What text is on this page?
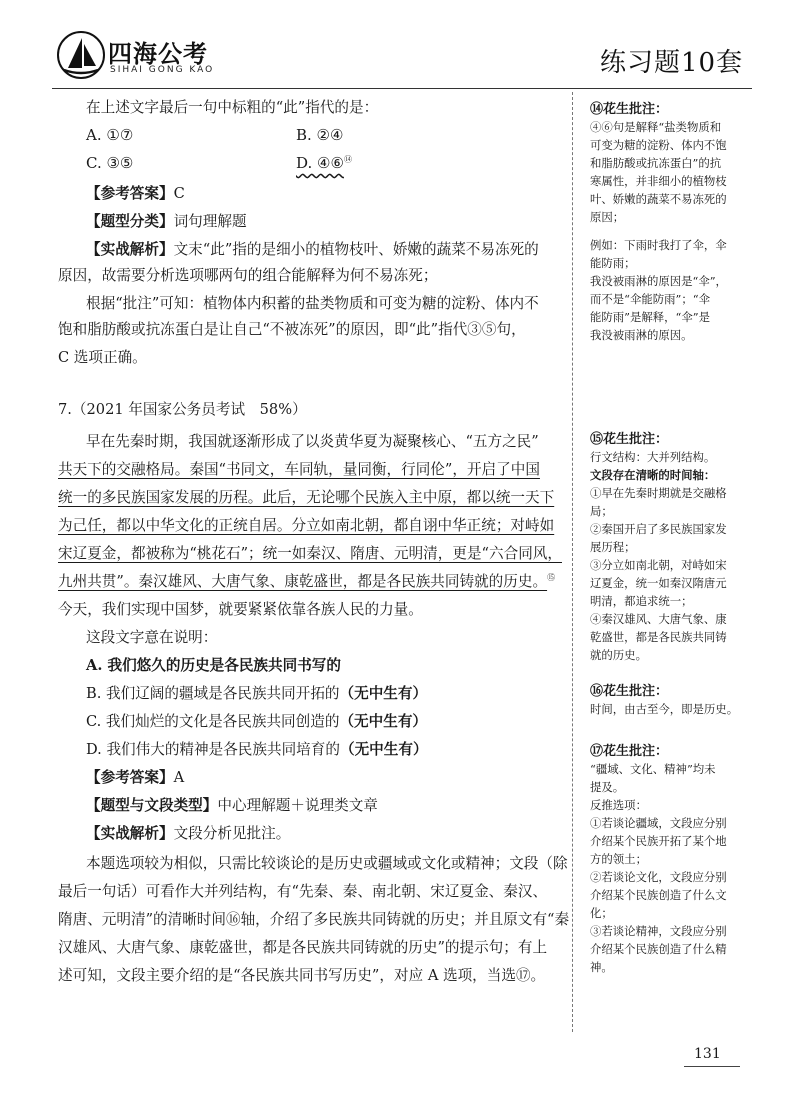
四海公考
SIHAI GONG KAO	练习题10套
在上述文字最后一句中标粗的“此”指代的是：
A. ①⑦	B. ②④
C. ③⑤	D. ④⑥⑭
【参考答案】C
【题型分类】词句理解题
【实战解析】文末“此”指的是细小的植物枝叶、娇嫩的蔬菜不易冻死的
原因，故需要分析选项哪两句的组合能解释为何不易冻死；
根据“批注”可知：植物体内积蓄的盐类物质和可变为糖的淀粉、体内不
饱和脂肪酸或抗冻蛋白是让自己“不被冻死”的原因，即“此”指代③⑤句，
C 选项正确。
7.（2021 年国家公务员考试　58%）
早在先秦时期，我国就逐渐形成了以炎黄华夏为凝聚核心、“五方之民”
共天下的交融格局。秦国“书同文，车同轨，量同衡，行同伦”，开启了中国
统一的多民族国家发展的历程。此后，无论哪个民族入主中原，都以统一天下
为己任，都以中华文化的正统自居。分立如南北朝，都自诩中华正统；对峙如
宋辽夏金，都被称为“桃花石”；统一如秦汉、隋唐、元明清，更是“六合同风，
九州共贯”。秦汉雄风、大唐气象、康乾盛世，都是各民族共同铸就的历史。⑮
今天，我们实现中国梦，就要紧紧依靠各族人民的力量。
这段文字意在说明：
A. 我们悠久的历史是各民族共同书写的
B. 我们辽阔的疆域是各民族共同开拓的（无中生有）
C. 我们灿烂的文化是各民族共同创造的（无中生有）
D. 我们伟大的精神是各民族共同培育的（无中生有）
【参考答案】A
【题型与文段类型】中心理解题＋说理类文章
【实战解析】文段分析见批注。
本题选项较为相似，只需比较谈论的是历史或疆域或文化或精神；文段（除
最后一句话）可看作大并列结构，有“先秦、秦、南北朝、宋辽夏金、秦汉、
隋唐、元明清”的清晰时间⑯轴，介绍了多民族共同铸就的历史；并且原文有“秦
汉雄风、大唐气象、康乾盛世，都是各民族共同铸就的历史”的提示句；有上
述可知，文段主要介绍的是“各民族共同书写历史”，对应 A 选项，当选⑰。
⑭花生批注：
④⑥句是解释“盐类物质和
可变为糖的淀粉、体内不饱
和脂肪酸或抗冻蛋白”的抗
寒属性，并非细小的植物枝
叶、娇嫩的蔬菜不易冻死的
原因；
例如：下雨时我打了伞，伞
能防雨；
我没被雨淋的原因是“伞”，
而不是“伞能防雨”；“伞
能防雨”是解释，“伞”是
我没被雨淋的原因。
⑮花生批注：
行文结构：大并列结构。
文段存在清晰的时间轴：
①早在先秦时期就是交融格
局；
②秦国开启了多民族国家发
展历程；
③分立如南北朝，对峙如宋
辽夏金，统一如秦汉隋唐元
明清，都追求统一；
④秦汉雄风、大唐气象、康
乾盛世，都是各民族共同铸
就的历史。
⑯花生批注：
时间，由古至今，即是历史。
⑰花生批注：
“疆域、文化、精神”均未
提及。
反推选项：
①若谈论疆域，文段应分别
介绍某个民族开拓了某个地
方的领土；
②若谈论文化，文段应分别
介绍某个民族创造了什么文
化；
③若谈论精神，文段应分别
介绍某个民族创造了什么精
神。
131
